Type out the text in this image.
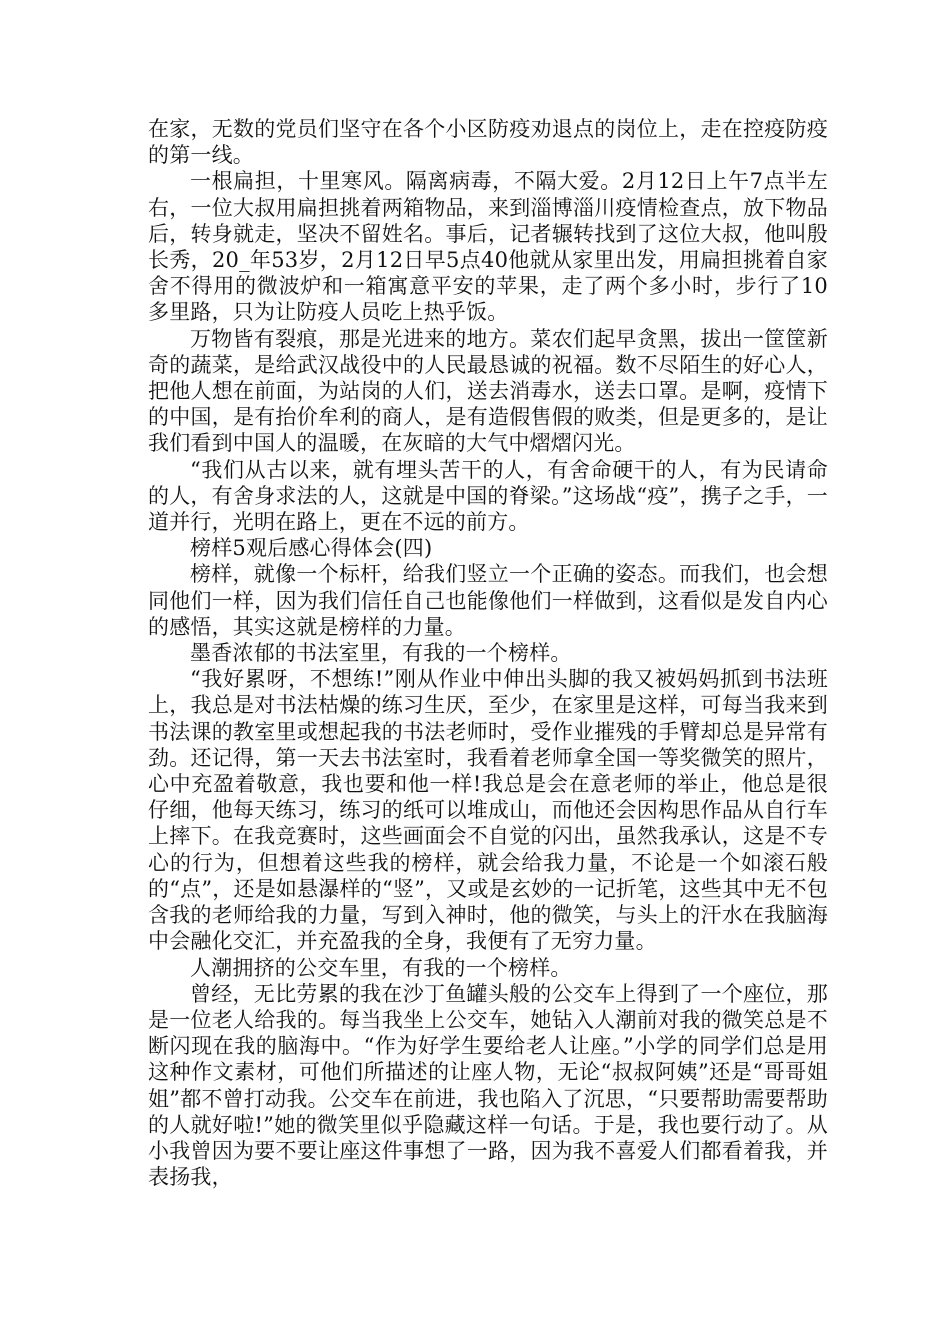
在家，无数的党员们坚守在各个小区防疫劝退点的岗位上，走在控疫防疫的第一线。

一根扁担，十里寒风。隔离病毒，不隔大爱。2月12日上午7点半左右，一位大叔用扁担挑着两箱物品，来到淄博淄川疫情检查点，放下物品后，转身就走，坚决不留姓名。事后，记者辗转找到了这位大叔，他叫殷长秀，20_年53岁，2月12日早5点40他就从家里出发，用扁担挑着自家舍不得用的微波炉和一箱寓意平安的苹果，走了两个多小时，步行了10多里路，只为让防疫人员吃上热乎饭。

万物皆有裂痕，那是光进来的地方。菜农们起早贪黑，拔出一筐筐新奇的蔬菜，是给武汉战役中的人民最恳诚的祝福。数不尽陌生的好心人，把他人想在前面，为站岗的人们，送去消毒水，送去口罩。是啊，疫情下的中国，是有抬价牟利的商人，是有造假售假的败类，但是更多的，是让我们看到中国人的温暖，在灰暗的大气中熠熠闪光。

“我们从古以来，就有埋头苦干的人，有舍命硬干的人，有为民请命的人，有舍身求法的人，这就是中国的脊梁。”这场战“疫”，携子之手，一道并行，光明在路上，更在不远的前方。

榜样5观后感心得体会(四)

榜样，就像一个标杆，给我们竖立一个正确的姿态。而我们，也会想同他们一样，因为我们信任自己也能像他们一样做到，这看似是发自内心的感悟，其实这就是榜样的力量。

墨香浓郁的书法室里，有我的一个榜样。

“我好累呀，不想练!”刚从作业中伸出头脚的我又被妈妈抓到书法班上，我总是对书法枯燥的练习生厌，至少，在家里是这样，可每当我来到书法课的教室里或想起我的书法老师时，受作业摧残的手臂却总是异常有劲。还记得，第一天去书法室时，我看着老师拿全国一等奖微笑的照片，心中充盈着敬意，我也要和他一样!我总是会在意老师的举止，他总是很仔细，他每天练习，练习的纸可以堆成山，而他还会因构思作品从自行车上摔下。在我竞赛时，这些画面会不自觉的闪出，虽然我承认，这是不专心的行为，但想着这些我的榜样，就会给我力量，不论是一个如滚石般的“点”，还是如悬瀑样的“竖”，又或是玄妙的一记折笔，这些其中无不包含我的老师给我的力量，写到入神时，他的微笑，与头上的汗水在我脑海中会融化交汇，并充盈我的全身，我便有了无穷力量。

人潮拥挤的公交车里，有我的一个榜样。

曾经，无比劳累的我在沙丁鱼罐头般的公交车上得到了一个座位，那是一位老人给我的。每当我坐上公交车，她钻入人潮前对我的微笑总是不断闪现在我的脑海中。“作为好学生要给老人让座。”小学的同学们总是用这种作文素材，可他们所描述的让座人物，无论“叔叔阿姨”还是“哥哥姐姐”都不曾打动我。公交车在前进，我也陷入了沉思，“只要帮助需要帮助的人就好啦!”她的微笑里似乎隐藏这样一句话。于是，我也要行动了。从小我曾因为要不要让座这件事想了一路，因为我不喜爱人们都看着我，并表扬我，
